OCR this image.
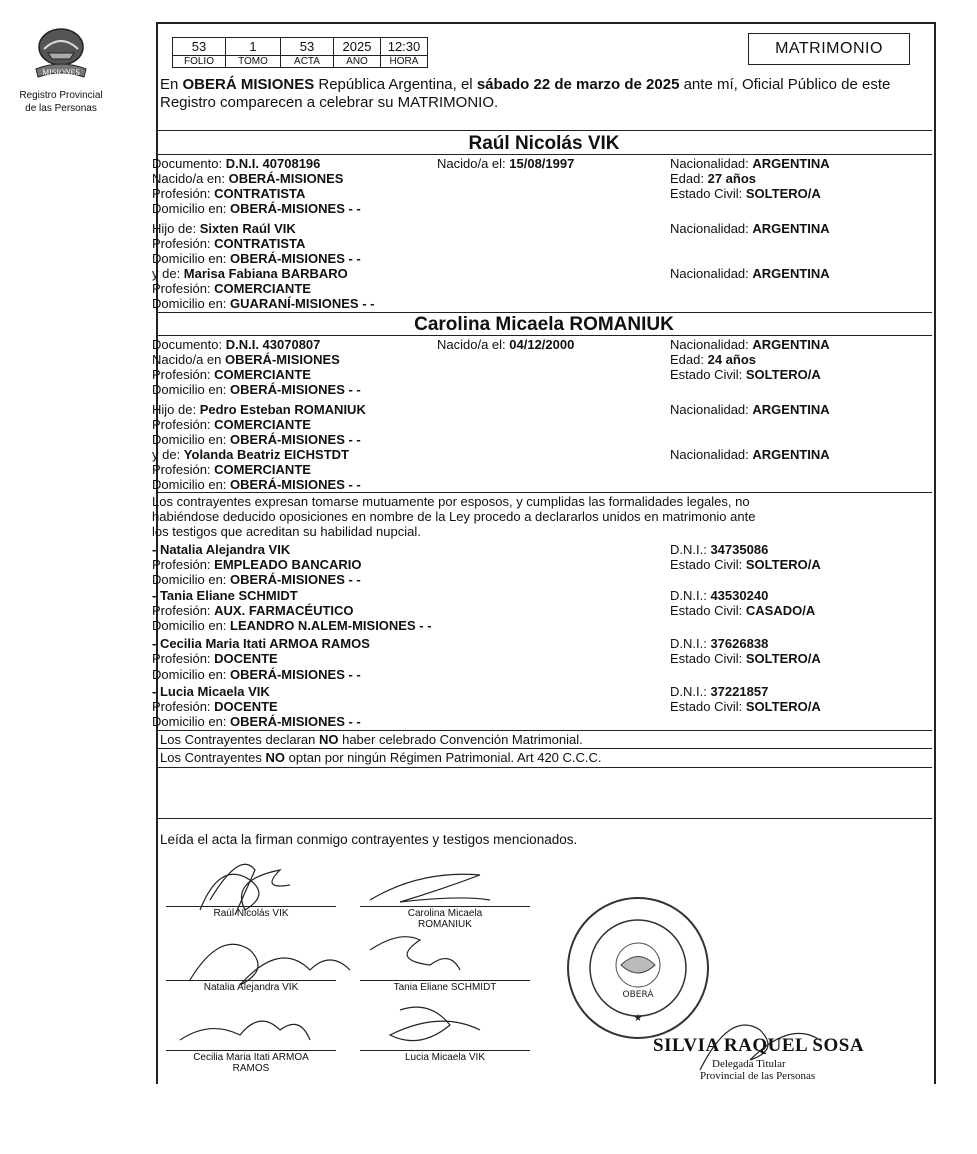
MISIONES
Registro Provincial
de las Personas
53	1	53	2025	12:30
FOLIO	TOMO	ACTA	AÑO	HORA
MATRIMONIO
En OBERÁ MISIONES República Argentina, el sábado 22 de marzo de 2025 ante mí, Oficial Público de este Registro comparecen a celebrar su MATRIMONIO.
Raúl Nicolás VIK
Documento: D.N.I. 40708196	Nacido/a el: 15/08/1997	Nacionalidad: ARGENTINA
Nacido/a en: OBERÁ-MISIONES	Edad: 27 años
Profesión: CONTRATISTA	Estado Civil: SOLTERO/A
Domicilio en: OBERÁ-MISIONES - -
Hijo de: Sixten Raúl VIK	Nacionalidad: ARGENTINA
Profesión: CONTRATISTA
Domicilio en: OBERÁ-MISIONES - -
y de: Marisa Fabiana BARBARO	Nacionalidad: ARGENTINA
Profesión: COMERCIANTE
Domicilio en: GUARANÍ-MISIONES - -
Carolina Micaela ROMANIUK
Documento: D.N.I. 43070807	Nacido/a el: 04/12/2000	Nacionalidad: ARGENTINA
Nacido/a en OBERÁ-MISIONES	Edad: 24 años
Profesión: COMERCIANTE	Estado Civil: SOLTERO/A
Domicilio en: OBERÁ-MISIONES - -
Hijo de: Pedro Esteban ROMANIUK	Nacionalidad: ARGENTINA
Profesión: COMERCIANTE
Domicilio en: OBERÁ-MISIONES - -
y de: Yolanda Beatriz EICHSTDT	Nacionalidad: ARGENTINA
Profesión: COMERCIANTE
Domicilio en: OBERÁ-MISIONES - -
Los contrayentes expresan tomarse mutuamente por esposos, y cumplidas las formalidades legales, no
habiéndose deducido oposiciones en nombre de la Ley procedo a declararlos unidos en matrimonio ante
los testigos que acreditan su habilidad nupcial.
- Natalia Alejandra VIK	D.N.I.: 34735086
Profesión: EMPLEADO BANCARIO	Estado Civil: SOLTERO/A
Domicilio en: OBERÁ-MISIONES - -
- Tania Eliane SCHMIDT	D.N.I.: 43530240
Profesión: AUX. FARMACÉUTICO	Estado Civil: CASADO/A
Domicilio en: LEANDRO N.ALEM-MISIONES - -
- Cecilia Maria Itati ARMOA RAMOS	D.N.I.: 37626838
Profesión: DOCENTE	Estado Civil: SOLTERO/A
Domicilio en: OBERÁ-MISIONES - -
- Lucia Micaela VIK	D.N.I.: 37221857
Profesión: DOCENTE	Estado Civil: SOLTERO/A
Domicilio en: OBERÁ-MISIONES - -
Los Contrayentes declaran NO haber celebrado Convención Matrimonial.
Los Contrayentes NO optan por ningún Régimen Patrimonial. Art 420 C.C.C.
Leída el acta la firman conmigo contrayentes y testigos mencionados.
Raúl Nicolás VIK	Carolina Micaela
ROMANIUK
Natalia Alejandra VIK	Tania Eliane SCHMIDT
Cecilia Maria Itati ARMOA
RAMOS
Lucia Micaela VIK
OBERÁ
★
SILVIA RAQUEL SOSA
Delegada Titular
Provincial de las Personas
